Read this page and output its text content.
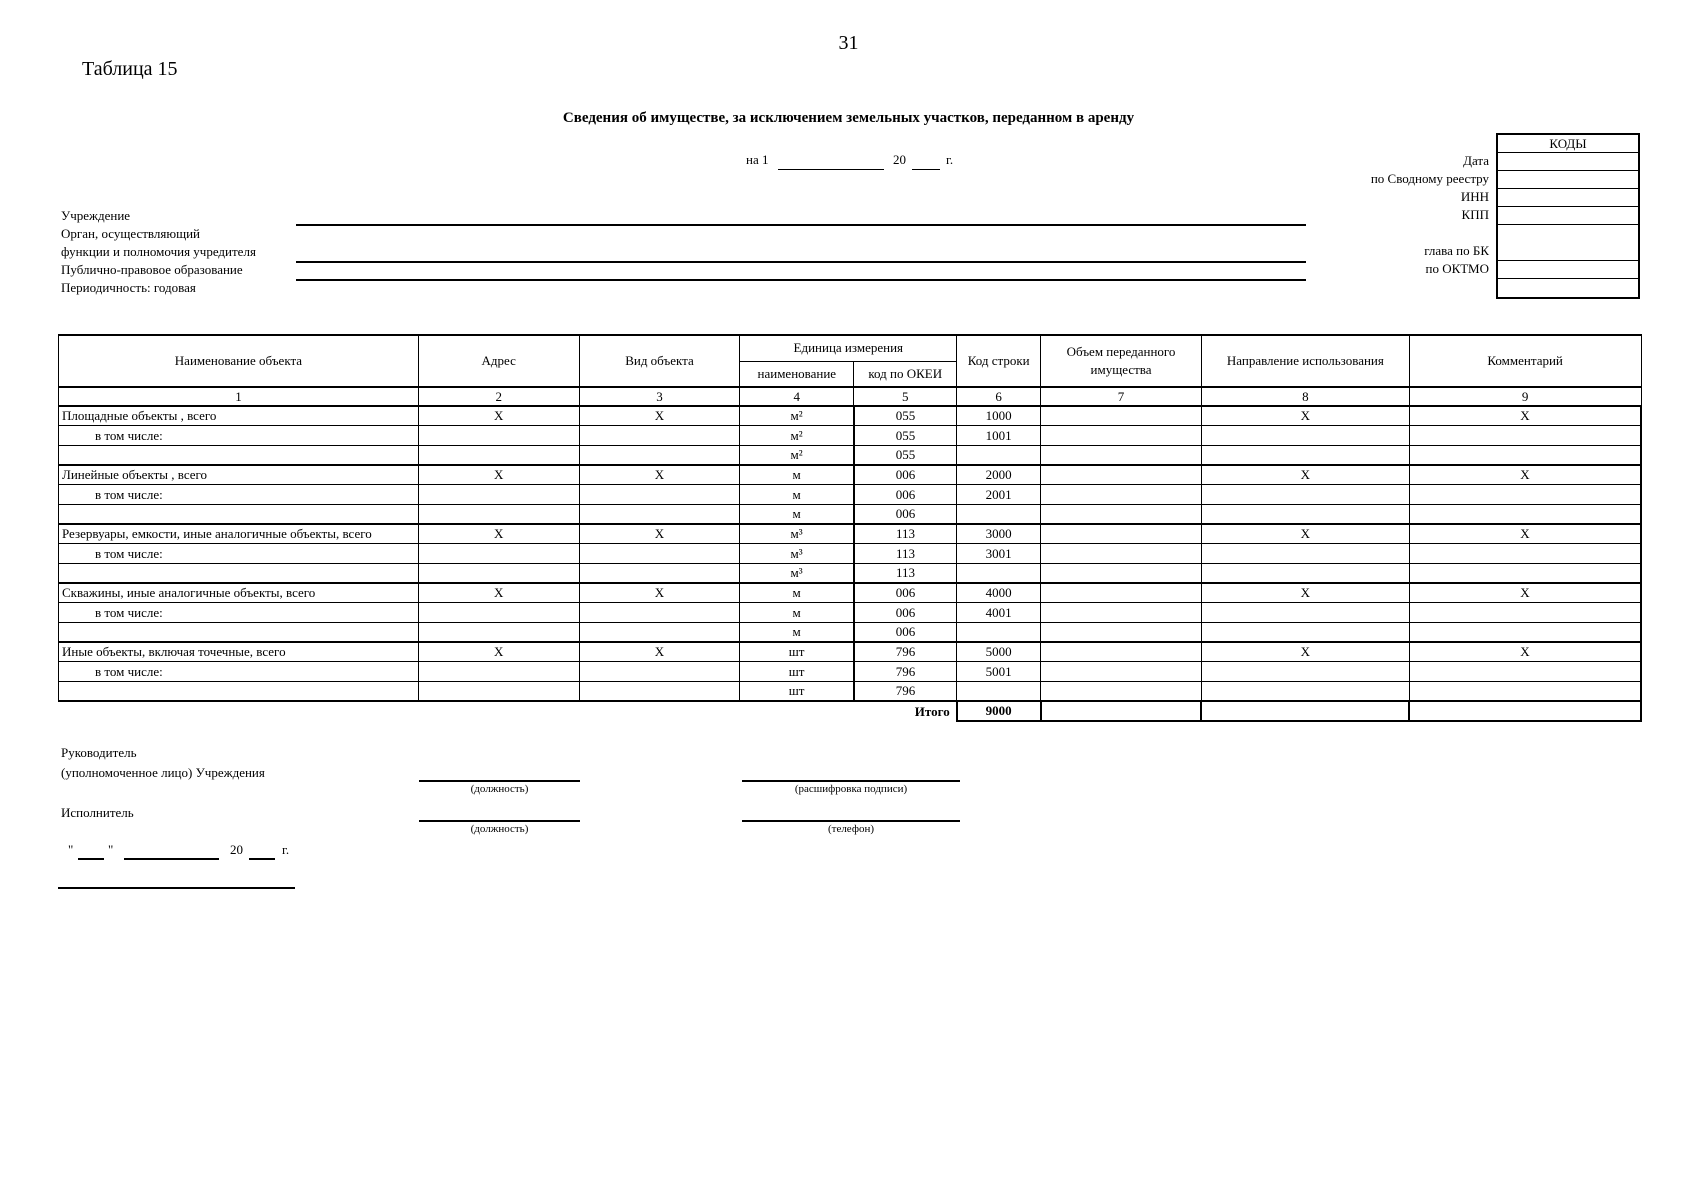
31
Таблица 15
Сведения об имуществе, за исключением земельных участков, переданном в аренду
на 1	20	г.	Дата
по Сводному реестру
ИНН
КПП
глава по БК
по ОКТМО
КОДЫ
Учреждение
Орган, осуществляющий
функции и полномочия учредителя
Публично-правовое образование
Периодичность: годовая
Наименование объекта	Адрес	Вид объекта	Единица измерения		Код строки	Объем переданного имущества	Направление использования	Комментарий
			наименование	код по ОКЕИ				
1	2	3	4	5	6	7	8	9
Площадные объекты , всего	X	X	м²	055	1000		X	X
в том числе:			м²	055	1001			
			м²	055				
Линейные объекты , всего	X	X	м	006	2000		X	X
в том числе:			м	006	2001			
			м	006				
Резервуары, емкости, иные аналогичные объекты, всего	X	X	м³	113	3000		X	X
в том числе:			м³	113	3001			
			м³	113				
Скважины, иные аналогичные объекты, всего	X	X	м	006	4000		X	X
в том числе:			м	006	4001			
			м	006				
Иные объекты, включая точечные, всего	X	X	шт	796	5000		X	X
в том числе:			шт	796	5001			
			шт	796				
Итого					9000			
Руководитель
(уполномоченное лицо) Учреждения
(должность)	(расшифровка подписи)
Исполнитель
(должность)	(телефон)
"	"	20	г.
